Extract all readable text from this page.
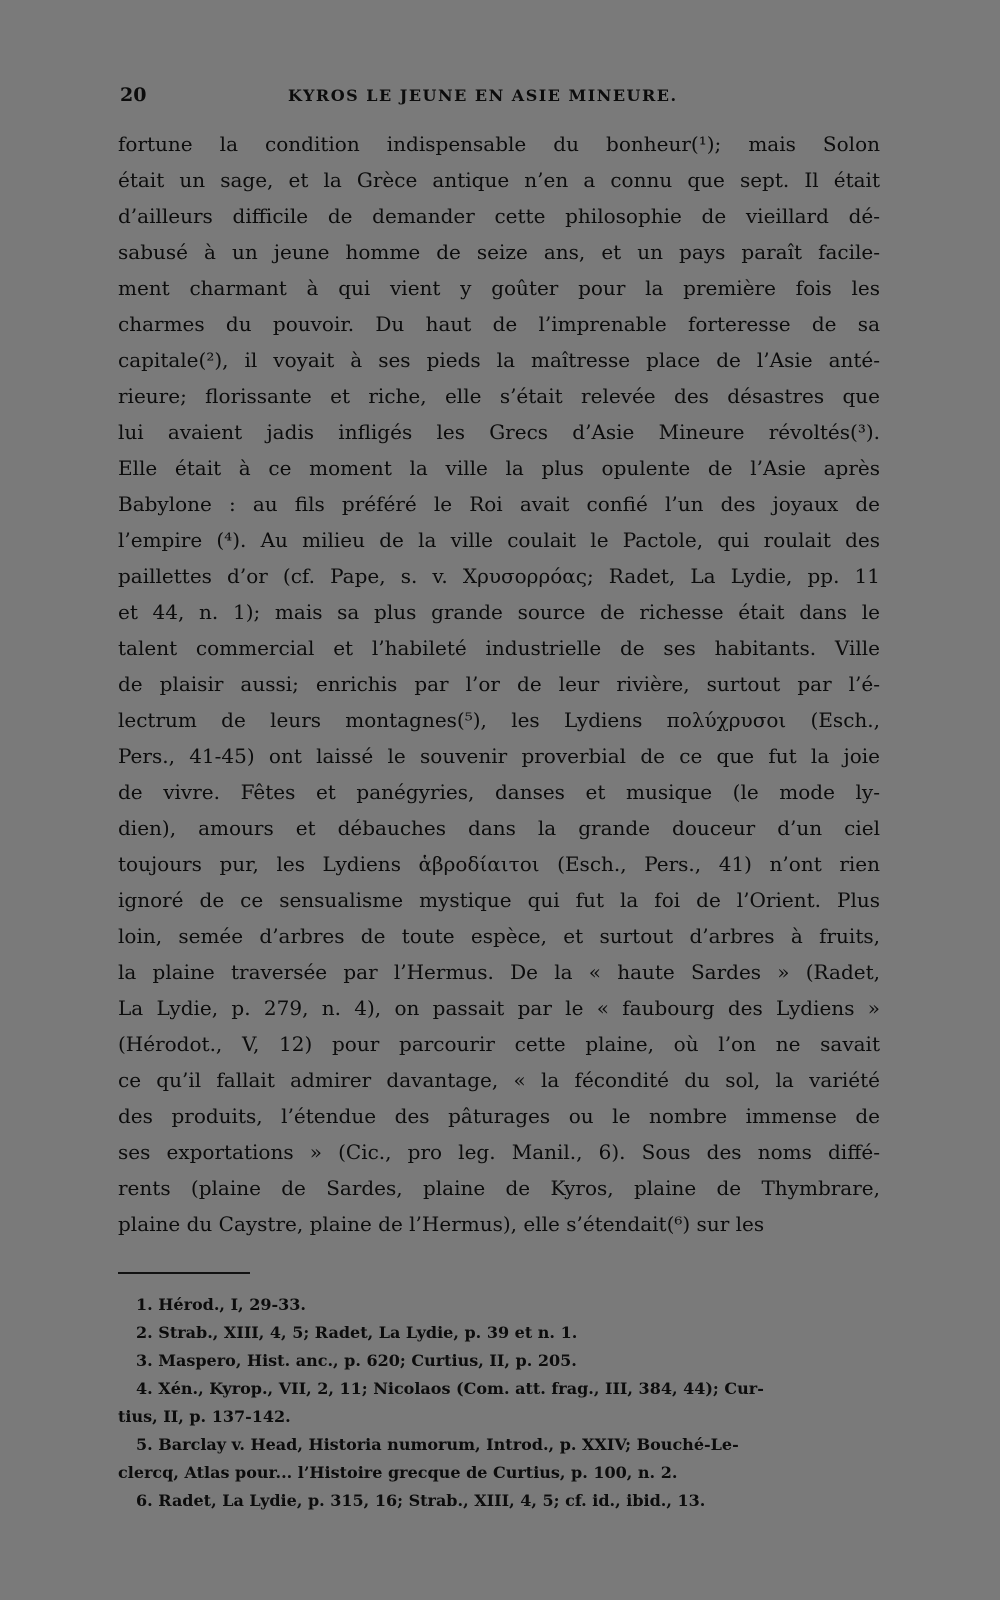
20	KYROS LE JEUNE EN ASIE MINEURE.
fortune la condition indispensable du bonheur(¹); mais Solon
était un sage, et la Grèce antique n’en a connu que sept. Il était
d’ailleurs difficile de demander cette philosophie de vieillard dé-
sabusé à un jeune homme de seize ans, et un pays paraît facile-
ment charmant à qui vient y goûter pour la première fois les
charmes du pouvoir. Du haut de l’imprenable forteresse de sa
capitale(²), il voyait à ses pieds la maîtresse place de l’Asie anté-
rieure; florissante et riche, elle s’était relevée des désastres que
lui avaient jadis infligés les Grecs d’Asie Mineure révoltés(³).
Elle était à ce moment la ville la plus opulente de l’Asie après
Babylone : au fils préféré le Roi avait confié l’un des joyaux de
l’empire (⁴). Au milieu de la ville coulait le Pactole, qui roulait des
paillettes d’or (cf. Pape, s. v. Χρυσορρόας; Radet, La Lydie, pp. 11
et 44, n. 1); mais sa plus grande source de richesse était dans le
talent commercial et l’habileté industrielle de ses habitants. Ville
de plaisir aussi; enrichis par l’or de leur rivière, surtout par l’é-
lectrum de leurs montagnes(⁵), les Lydiens πολύχρυσοι (Esch.,
Pers., 41-45) ont laissé le souvenir proverbial de ce que fut la joie
de vivre. Fêtes et panégyries, danses et musique (le mode ly-
dien), amours et débauches dans la grande douceur d’un ciel
toujours pur, les Lydiens ἁβροδίαιτοι (Esch., Pers., 41) n’ont rien
ignoré de ce sensualisme mystique qui fut la foi de l’Orient. Plus
loin, semée d’arbres de toute espèce, et surtout d’arbres à fruits,
la plaine traversée par l’Hermus. De la « haute Sardes » (Radet,
La Lydie, p. 279, n. 4), on passait par le « faubourg des Lydiens »
(Hérodot., V, 12) pour parcourir cette plaine, où l’on ne savait
ce qu’il fallait admirer davantage, « la fécondité du sol, la variété
des produits, l’étendue des pâturages ou le nombre immense de
ses exportations » (Cic., pro leg. Manil., 6). Sous des noms diffé-
rents (plaine de Sardes, plaine de Kyros, plaine de Thymbrare,
plaine du Caystre, plaine de l’Hermus), elle s’étendait(⁶) sur les
1. Hérod., I, 29-33.
2. Strab., XIII, 4, 5; Radet, La Lydie, p. 39 et n. 1.
3. Maspero, Hist. anc., p. 620; Curtius, II, p. 205.
4. Xén., Kyrop., VII, 2, 11; Nicolaos (Com. att. frag., III, 384, 44); Cur-
tius, II, p. 137-142.
5. Barclay v. Head, Historia numorum, Introd., p. XXIV; Bouché-Le-
clercq, Atlas pour... l’Histoire grecque de Curtius, p. 100, n. 2.
6. Radet, La Lydie, p. 315, 16; Strab., XIII, 4, 5; cf. id., ibid., 13.
